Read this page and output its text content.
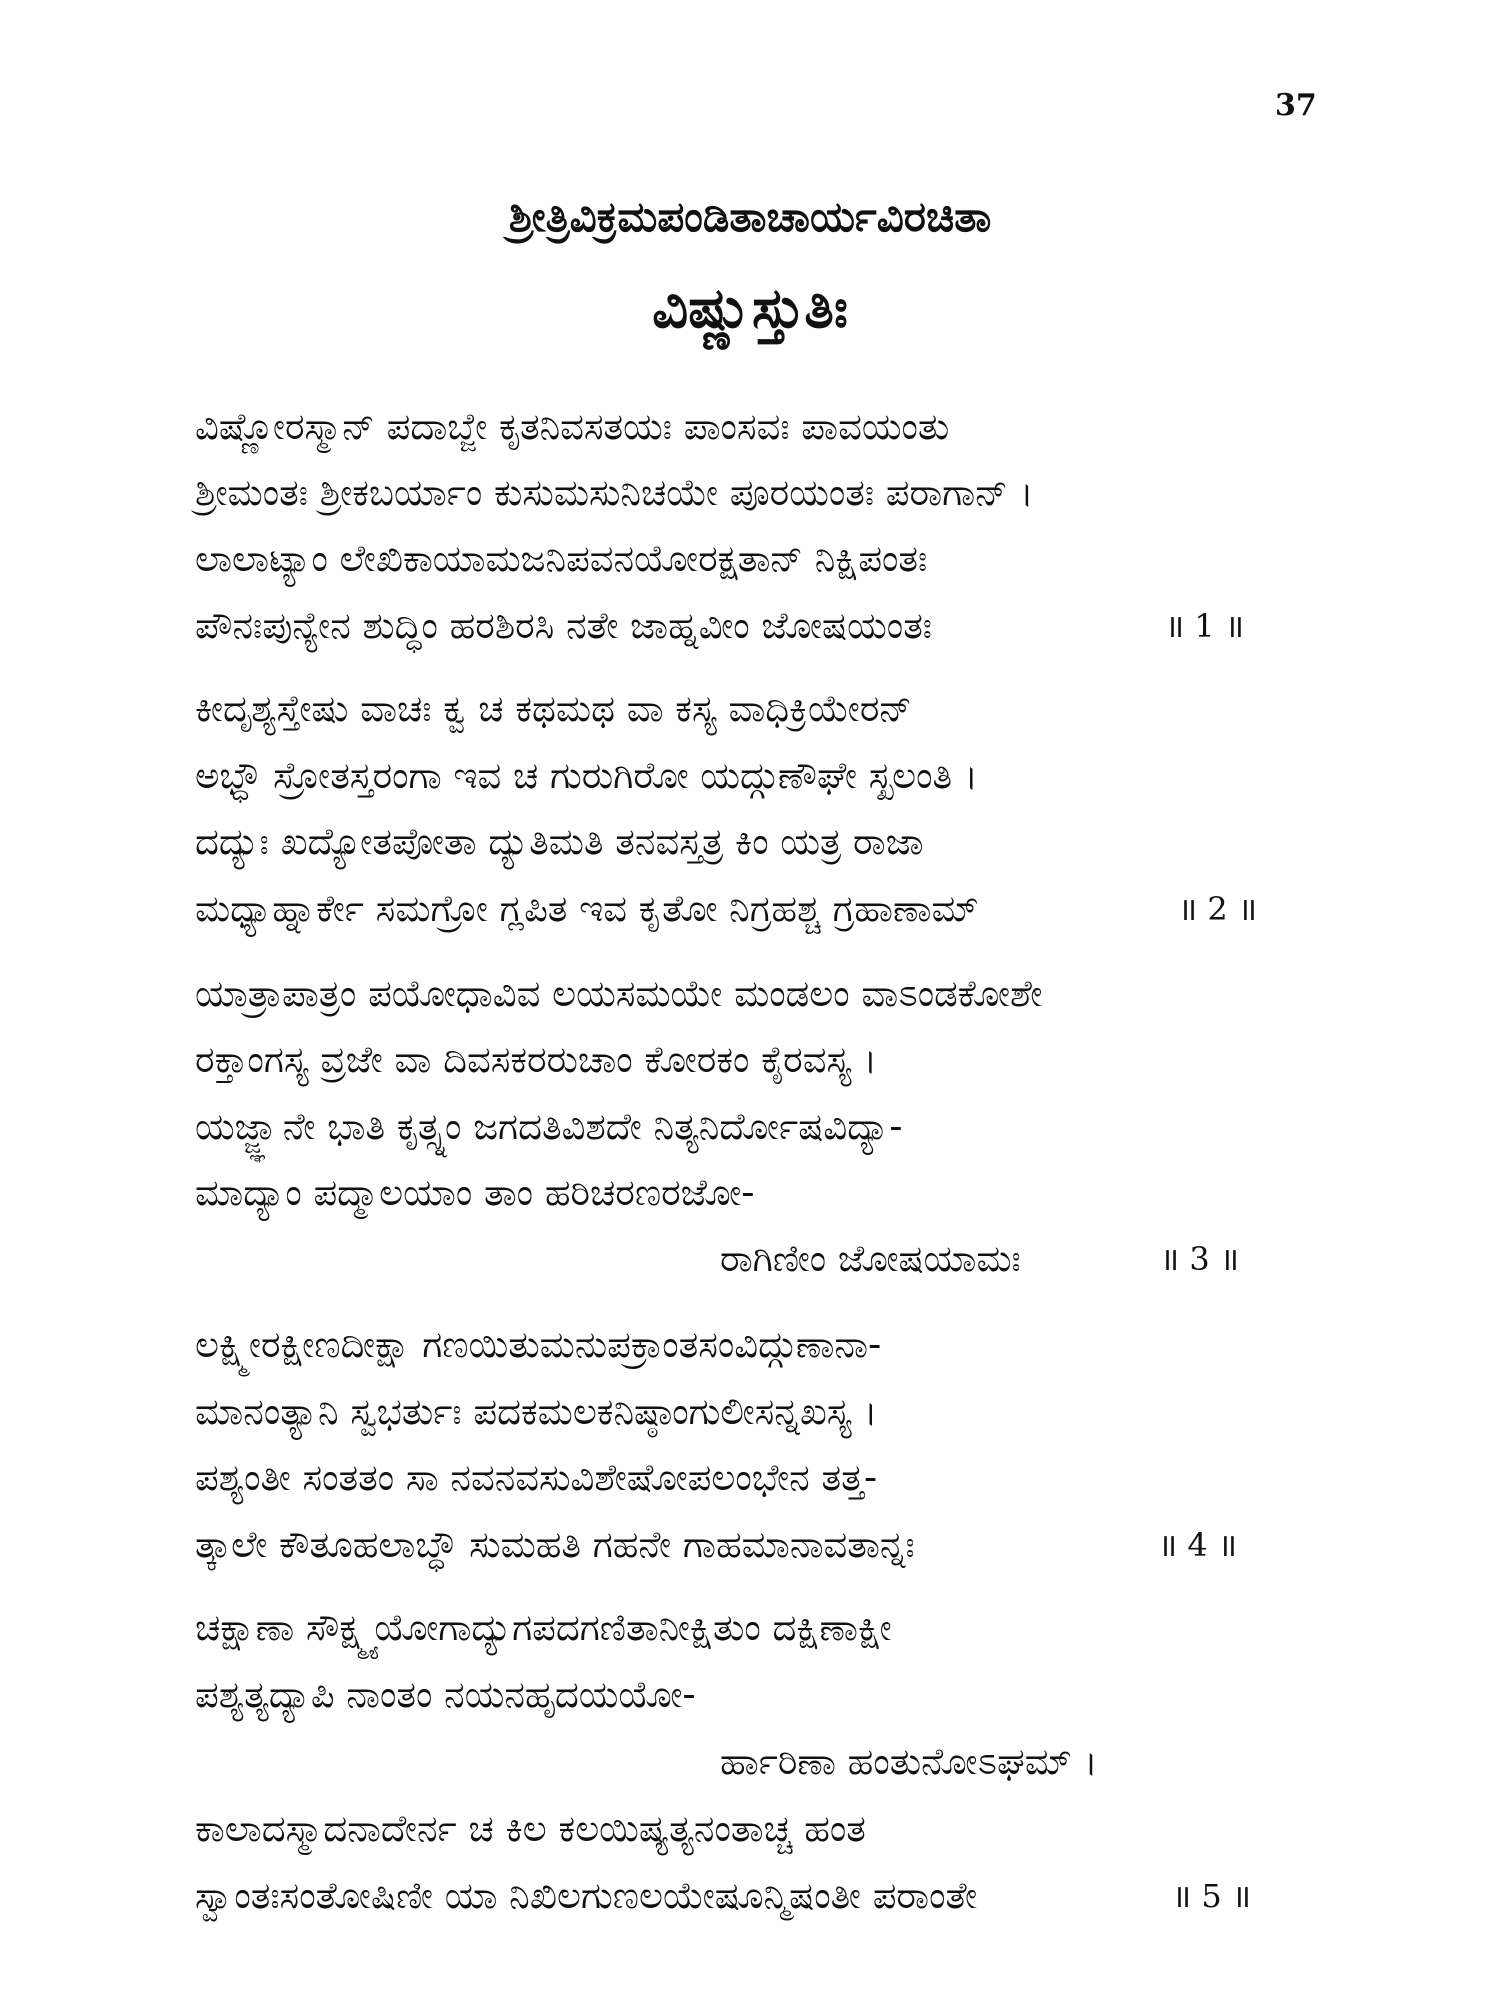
37
ಶ್ರೀತ್ರಿವಿಕ್ರಮಪಂಡಿತಾಚಾರ್ಯವಿರಚಿತಾ
ವಿಷ್ಣುಸ್ತುತಿಃ
ವಿಷ್ಣೋರಸ್ಮಾನ್ ಪದಾಬ್ಜೇ ಕೃತನಿವಸತಯಃ ಪಾಂಸವಃ ಪಾವಯಂತು
ಶ್ರೀಮಂತಃ ಶ್ರೀಕಬರ್ಯಾಂ ಕುಸುಮಸುನಿಚಯೇ ಪೂರಯಂತಃ ಪರಾಗಾನ್ ।
ಲಾಲಾಟ್ಯಾಂ ಲೇಖಿಕಾಯಾಮಜನಿಪವನಯೋರಕ್ಷತಾನ್ ನಿಕ್ಷಿಪಂತಃ
ಪೌನಃಪುನ್ಯೇನ ಶುದ್ಧಿಂ ಹರಶಿರಸಿ ನತೇ ಜಾಹ್ನವೀಂ ಜೋಷಯಂತಃ	॥ 1 ॥
ಕೀದೃಶ್ಯಸ್ತೇಷು ವಾಚಃ ಕ್ವ ಚ ಕಥಮಥ ವಾ ಕಸ್ಯ ವಾಧಿಕ್ರಿಯೇರನ್
ಅಭ್ಧೌ ಸ್ರೋತಸ್ತರಂಗಾ ಇವ ಚ ಗುರುಗಿರೋ ಯದ್ಗುಣೌಘೇ ಸ್ಖಲಂತಿ ।
ದದ್ಯುಃ ಖದ್ಯೋತಪೋತಾ ದ್ಯುತಿಮತಿ ತನವಸ್ತತ್ರ ಕಿಂ ಯತ್ರ ರಾಜಾ
ಮಧ್ಯಾಹ್ನಾರ್ಕೇ ಸಮಗ್ರೋ ಗ್ಲಪಿತ ಇವ ಕೃತೋ ನಿಗ್ರಹಶ್ಚ ಗ್ರಹಾಣಾಮ್	॥ 2 ॥
ಯಾತ್ರಾಪಾತ್ರಂ ಪಯೋಧಾವಿವ ಲಯಸಮಯೇ ಮಂಡಲಂ ವಾಽಂಡಕೋಶೇ
ರಕ್ತಾಂಗಸ್ಯ ವ್ರಜೇ ವಾ ದಿವಸಕರರುಚಾಂ ಕೋರಕಂ ಕೈರವಸ್ಯ ।
ಯಜ್ಜ್ಞಾನೇ ಭಾತಿ ಕೃತ್ಸ್ನಂ ಜಗದತಿವಿಶದೇ ನಿತ್ಯನಿರ್ದೋಷವಿದ್ಯಾ-
ಮಾದ್ಯಾಂ ಪದ್ಮಾಲಯಾಂ ತಾಂ ಹರಿಚರಣರಜೋ-
ರಾಗಿಣೀಂ ಜೋಷಯಾಮಃ	॥ 3 ॥
ಲಕ್ಷ್ಮೀರಕ್ಷೀಣದೀಕ್ಷಾ ಗಣಯಿತುಮನುಪಕ್ರಾಂತಸಂವಿದ್ಗುಣಾನಾ-
ಮಾನಂತ್ಯಾನಿ ಸ್ವಭರ್ತುಃ ಪದಕಮಲಕನಿಷ್ಠಾಂಗುಲೀಸನ್ನಖಸ್ಯ ।
ಪಶ್ಯಂತೀ ಸಂತತಂ ಸಾ ನವನವಸುವಿಶೇಷೋಪಲಂಭೇನ ತತ್ತ-
ತ್ಕಾಲೇ ಕೌತೂಹಲಾಬ್ಧೌ ಸುಮಹತಿ ಗಹನೇ ಗಾಹಮಾನಾವತಾನ್ನಃ	॥ 4 ॥
ಚಕ್ಷಾಣಾ ಸೌಕ್ಷ್ಮ್ಯಯೋಗಾದ್ಯುಗಪದಗಣಿತಾನೀಕ್ಷಿತುಂ ದಕ್ಷಿಣಾಕ್ಷೀ
ಪಶ್ಯತ್ಯದ್ಯಾಪಿ ನಾಂತಂ ನಯನಹೃದಯಯೋ-
ರ್ಹಾರಿಣಾ ಹಂತುನೋಽಘಮ್ ।
ಕಾಲಾದಸ್ಮಾದನಾದೇರ್ನ ಚ ಕಿಲ ಕಲಯಿಷ್ಯತ್ಯನಂತಾಚ್ಚ ಹಂತ
ಸ್ವಾಂತಃಸಂತೋಷಿಣೀ ಯಾ ನಿಖಿಲಗುಣಲಯೇಷೂನ್ಮಿಷಂತೀ ಪರಾಂತೇ	॥ 5 ॥
